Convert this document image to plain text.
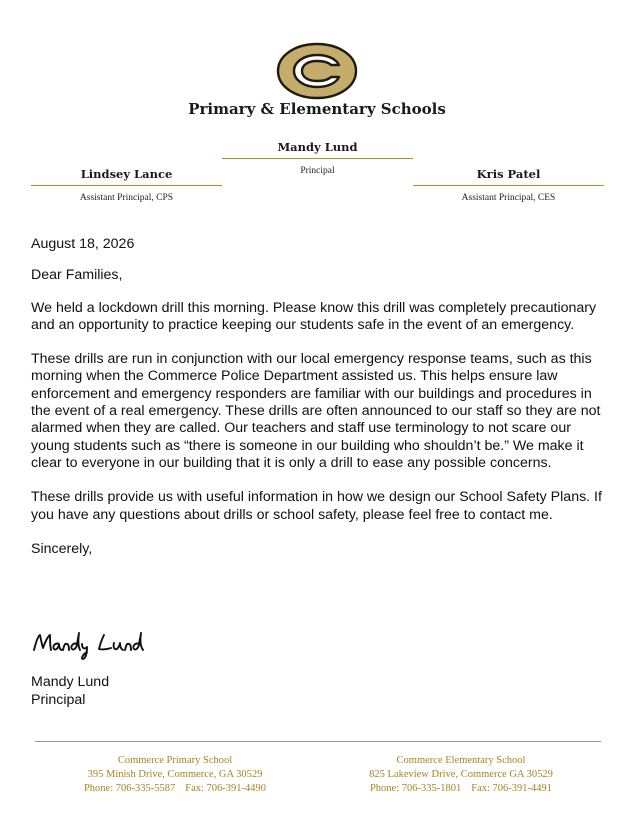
Primary & Elementary Schools
Mandy Lund
Principal
Lindsey Lance
Assistant Principal, CPS
Kris Patel
Assistant Principal, CES

August 18, 2026

Dear Families,

We held a lockdown drill this morning. Please know this drill was completely precautionary and an opportunity to practice keeping our students safe in the event of an emergency.

These drills are run in conjunction with our local emergency response teams, such as this morning when the Commerce Police Department assisted us. This helps ensure law enforcement and emergency responders are familiar with our buildings and procedures in the event of a real emergency. These drills are often announced to our staff so they are not alarmed when they are called. Our teachers and staff use terminology to not scare our young students such as “there is someone in our building who shouldn’t be.” We make it clear to everyone in our building that it is only a drill to ease any possible concerns.

These drills provide us with useful information in how we design our School Safety Plans. If you have any questions about drills or school safety, please feel free to contact me.

Sincerely,

Mandy Lund
Principal
Commerce Primary School
395 Minish Drive, Commerce, GA 30529
Phone: 706-335-5587 Fax: 706-391-4490
Commerce Elementary School
825 Lakeview Drive, Commerce GA 30529
Phone: 706-335-1801 Fax: 706-391-4491
